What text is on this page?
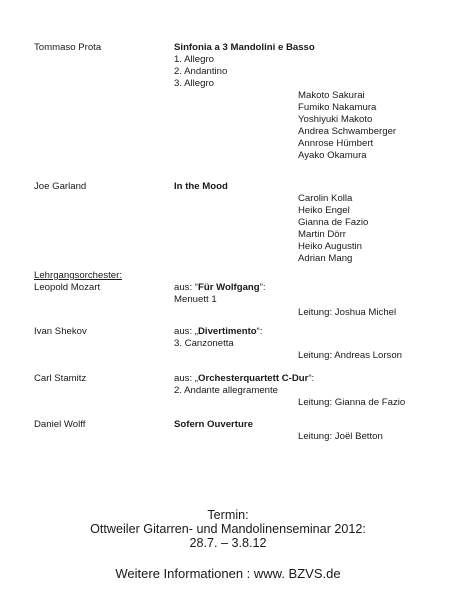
Tommaso Prota	Sinfonia a 3 Mandolini e Basso
1. Allegro
2. Andantino
3. Allegro
Makoto Sakurai
Fumiko Nakamura
Yoshiyuki Makoto
Andrea Schwamberger
Annrose Hümbert
Ayako Okamura
Joe Garland	In the Mood
Carolin Kolla
Heiko Engel
Gianna de Fazio
Martin Dörr
Heiko Augustin
Adrian Mang
Lehrgangsorchester:
Leopold Mozart	aus: “Für Wolfgang”:
Menuett 1
Leitung: Joshua Michel
Ivan Shekov	aus: „Divertimento“:
3. Canzonetta
Leitung: Andreas Lorson
Carl Stamitz	aus: „Orchesterquartett C-Dur“:
2. Andante allegramente
Leitung: Gianna de Fazio
Daniel Wolff	Sofern Ouverture
Leitung: Joël Betton
Termin:
Ottweiler Gitarren- und Mandolinenseminar 2012:
28.7. – 3.8.12
Weitere Informationen : www. BZVS.de
